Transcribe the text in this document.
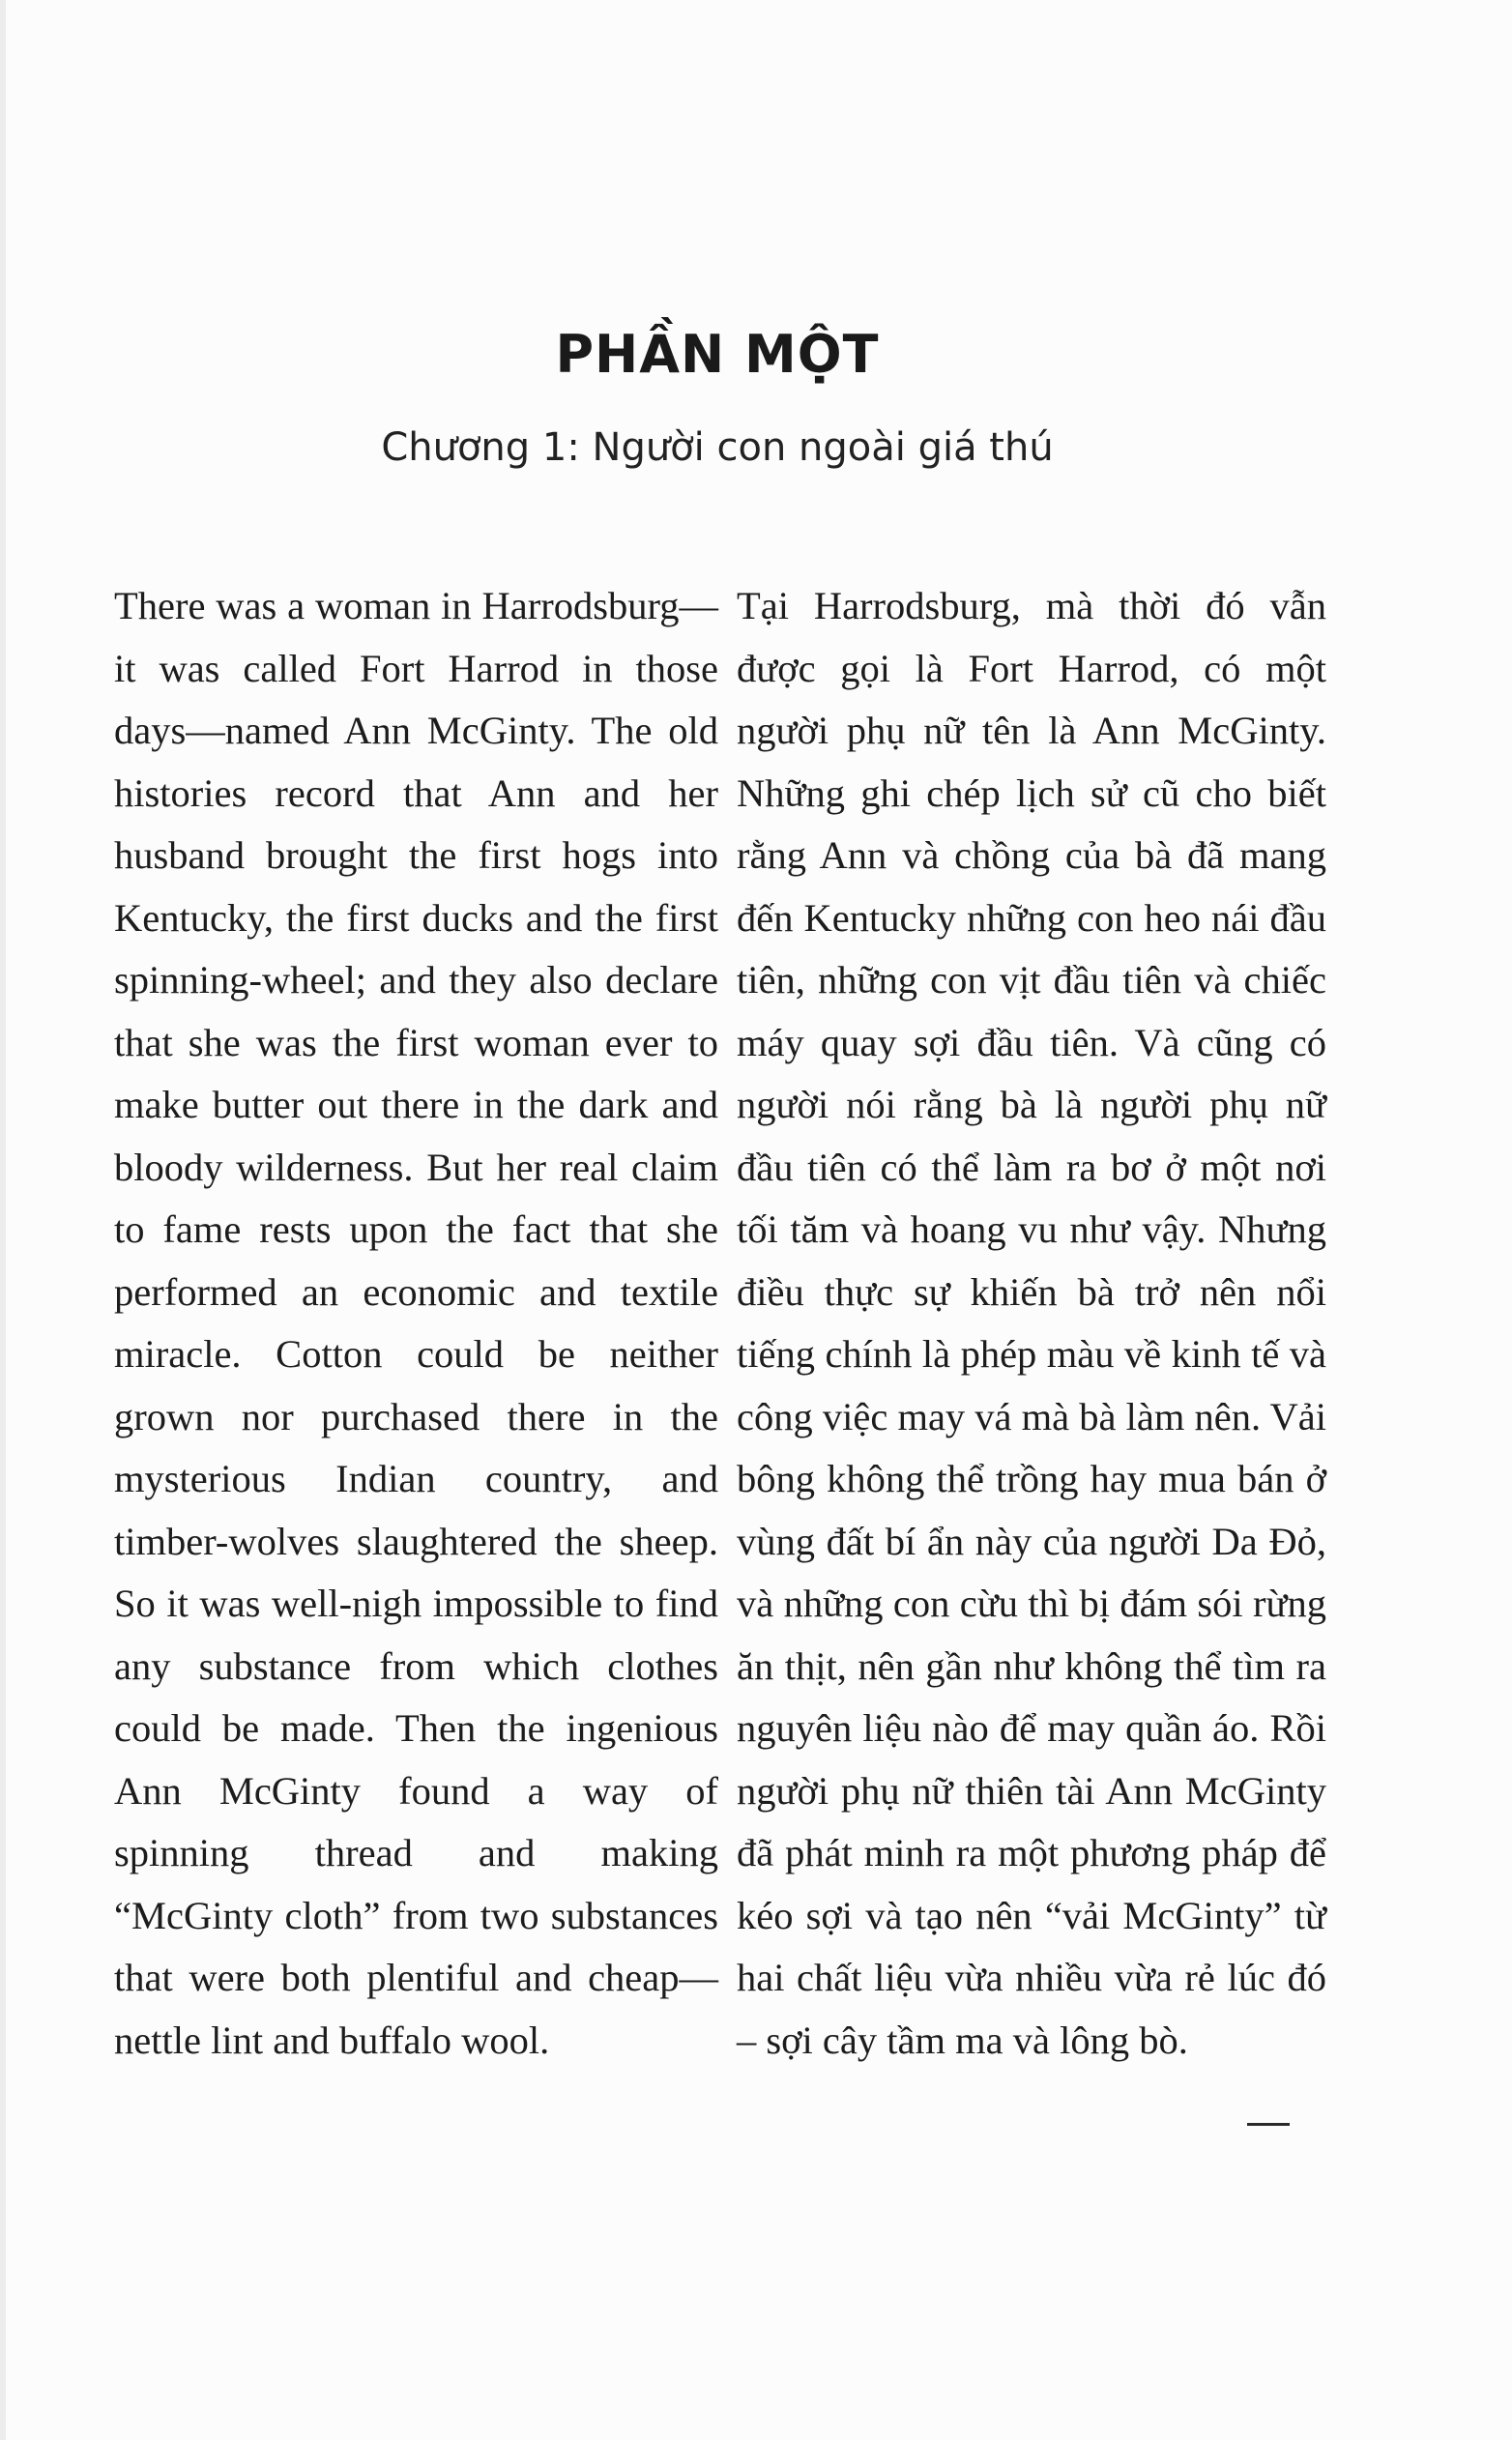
PHẦN MỘT
Chương 1: Người con ngoài giá thú

There was a woman in Harrodsburg—it was called Fort Harrod in those days—named Ann McGinty. The old histories record that Ann and her husband brought the first hogs into Kentucky, the first ducks and the first spinning-wheel; and they also declare that she was the first woman ever to make butter out there in the dark and bloody wilderness. But her real claim to fame rests upon the fact that she performed an economic and textile miracle. Cotton could be neither grown nor purchased there in the mysterious Indian country, and timber-wolves slaughtered the sheep. So it was well-nigh impossible to find any substance from which clothes could be made. Then the ingenious Ann McGinty found a way of spinning thread and making “McGinty cloth” from two substances that were both plentiful and cheap—nettle lint and buffalo wool.

Tại Harrodsburg, mà thời đó vẫn được gọi là Fort Harrod, có một người phụ nữ tên là Ann McGinty. Những ghi chép lịch sử cũ cho biết rằng Ann và chồng của bà đã mang đến Kentucky những con heo nái đầu tiên, những con vịt đầu tiên và chiếc máy quay sợi đầu tiên. Và cũng có người nói rằng bà là người phụ nữ đầu tiên có thể làm ra bơ ở một nơi tối tăm và hoang vu như vậy. Nhưng điều thực sự khiến bà trở nên nổi tiếng chính là phép màu về kinh tế và công việc may vá mà bà làm nên. Vải bông không thể trồng hay mua bán ở vùng đất bí ẩn này của người Da Đỏ, và những con cừu thì bị đám sói rừng ăn thịt, nên gần như không thể tìm ra nguyên liệu nào để may quần áo. Rồi người phụ nữ thiên tài Ann McGinty đã phát minh ra một phương pháp để kéo sợi và tạo nên “vải McGinty” từ hai chất liệu vừa nhiều vừa rẻ lúc đó – sợi cây tầm ma và lông bò.
